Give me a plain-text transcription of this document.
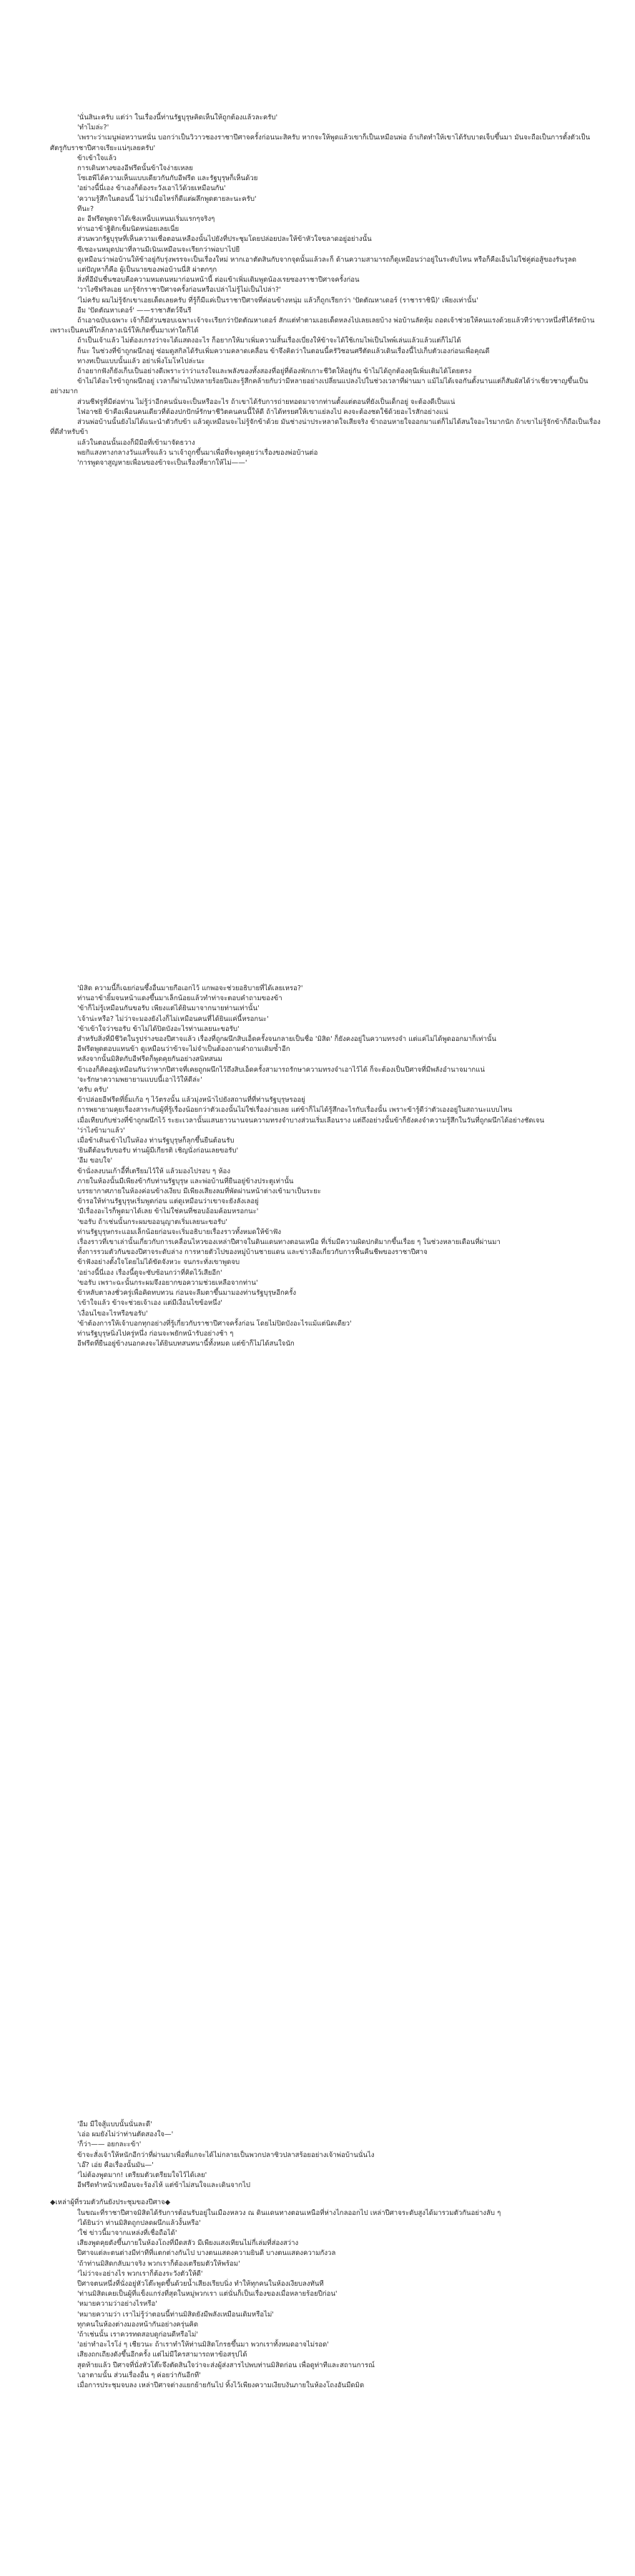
'นั่นสินะครับ แต่ว่า ในเรื่องนี้ท่านรัฐบุรุษคิดเห็นให้ถูกต้องแล้วละครับ'

'ทำไมล่ะ?'

'เพราะว่าเมนูพ่อหวานหนั่น บอกว่าเป็นวิวาวชองราชาปีศาจครั้งก่อนนะสิครับ หากจะให้พูดแล้วเขาก็เป็นเหมือนพ่อ ถ้าเกิดทำให้เขาได้รับบาดเจ็บขึ้นมา มันจะถือเป็นการตั้งตัวเป็นศัตรูกับราชาปีศาจเรียะแน่ๆเลยครับ'

ข้าเข้าใจแล้ว

การเดินทางของอีฟรีดนั้นข้าใจง่ายเหลย

โซเฮพีได้ความเห็นแบบเดียวกันกับอีฟรีด และรัฐบุรุษก็เห็นด้วย

'อย่างนี้นี่เอง ข้าเองก็ต้องระวังเอาไว้ด้วยเหมือนกัน'

'ความรู้สึกในตอนนี้ ไม่ว่าเมื่อไหร่ก็ดีแต่ผลึกพูดตายละนะครับ'

ทีนะ?

อะ อีฟรีดพูดจาได้เชิงเหน็บแหนมเริ่มแรกๆจริงๆ

ท่านอาข้าฐิติกเข็มนิดหน่อยเลยเนี่ย

ส่วนพวกรัฐบุรุษที่เห็นความเชื่อตอนเหลืองนั้นไปยังที่ประชุมโดยปล่อยปละให้ข้าหัวใจขลาดอยู่อย่างนั้น

ซีเซอะนหมุดปมาที่ลานมีเนินเหมือนจะเรียกว่าพ่อบาไปยี

ดูเหมือนว่าพ่อบ้านให้ข้าอยู่กับรุ่งพรรจะเป็นเรื่องใหม่ หากเอาตัดสินกับจากจุดนั้นแล้วละก็ ด้านความสามารถก็ดูเหมือนว่าอยู่ในระดับไหน หรือก็คือเอ็นไม่ใช่คู่ต่อสู้ของรันรูลด

แต่ปัญหาก็คือ ผู้เป็นนายของพ่อบ้านนี่สิ ผ่าตกๆก

สิ่งที่อีมันชื่นชอบคือความหมดนหมาก่อนหน้านี้ ต่อแข้าเพิ่มเดิมพูดน้องเรยซองราชาปีศาจครั้งก่อน

'วาไงซีฟริลเอย แกรู้จักราชาปีศาจครั้งก่อนหรือเปล่าไม่รู้ไม่เป็นไปล่า?'

'ไม่ครับ ผมไม่รู้จักเขาเอยเด็ดเลยครับ ที่รู้ก็มีแค่เป็นราชาปีศาจที่ค่อนข้างหนุ่ม แล้วก็ถูกเรียกว่า 'ปัดตัณหาเดอร์ (ราชาราชินี)' เพียงเท่านั้น'

อืม 'ปัดตัณหาเดอร์' ——ราชาสัตว์จีนรี

ถ้าเอาฉบับเฉพาะ เจ้าก็มีส่วนชอบเฉพาะเจ้าจะเรียกว่าปัดตัณหาเดอร์ สักแต่ทำตามเอยเด็ดหลงไปเลยเลยบ้าง พ่อบ้านลัดหุ้ม ถอดเจ้าช่วยให้คนแรงด้วยแล้วทีว่าขาวหนึ่งที่ได้รัตบ้าน เพราะเป็นคนที่ใกล้กลางเนิร์ให้เกิดขึ้นมาเท่าใดก็ได้

ถ้าเป็นเจ้าแล้ว ไม่ต้องเกรงว่าจะได้แสดงอะไร ก็อยากให้มาเพิ่มความสิ้นเรื่องเบี่ยงให้ข้าจะได้ใช้เกมไพ่เป็นไพพ์เล่นแล้วแล้วแต่ก็ไม่ได้

ก็นะ ในช่วงที่ข้าถูกผนึกอยู่ ซ่อมดูสกิลได้รับเพิ่มความคลาดเคลื่อน ข้าจึงคิดว่าในตอนนี้ครัวิชอนศรีตัดแล้วเดินเรื่องนี้ไปเก็บตัวเองก่อนเพื่อคุณดี

ทางทเป็นแบบนั้นแล้ว อย่าเพิ่งโมโหไปล่ะนะ

ถ้าอยากฟังก็ยังเก็บเป็นอย่างดีเพราะว่าว่าแรงใจและพลังของทั้งสองที่อยู่ที่ต้องพักเกาะชีวิตให้อยู่กัน ข้าไม่ได้ถูกต้องดุนีเพิ่มเติมได้โดยตรง

ข้าไม่ได้อะไรข้าถูกผนึกอยู่ เวลาก็ผ่านไปหลายร้อยปีและรู้สึกคล้ายกับว่ามีหลายอย่างเปลี่ยนแปลงไปในช่วงเวลาที่ผ่านมา แม้ไม่ได้เจอกันตั้งนานแต่ก็สัมผัสได้ว่าเชี่ยวชาญขึ้นเป็นอย่างมาก

ส่วนชีฟรูที่มีต่อท่าน ไม่รู้ว่าอีกคนนั่นจะเป็นหรืออะไร ถ้าเขาได้รับการถ่ายทอดมาจากท่านตั้งแต่ตอนที่ยังเป็นเด็กอยู่ จะต้องดีเป็นแน่

ไฟอาชยิ ข้าคือเพื่อนคนเดียวที่ต้องปกปักษ์รักษาชีวิตคนคนนี้ให้ดี ถ้าได้ทรยศให้เขาแย่ลงไป คงจะต้องชดใช้ด้วยอะไรสักอย่างแน่

ส่วนพ่อบ้านนั้นยังไม่ได้แนะนำตัวกับข้า แล้วดูเหมือนจะไม่รู้จักข้าด้วย มันช่างน่าประหลาดใจเสียจริง ข้าถอนหายใจออกมาแต่ก็ไม่ได้สนใจอะไรมากนัก ถ้าเขาไม่รู้จักข้าก็ถือเป็นเรื่องที่ดีสำหรับข้า

แล้วในตอนนั้นเองก็มีมือที่เข้ามาจัดธวาง

พยกิแสงทางกลางวันแสร็จแล้ว นาเจ้าถูกขึ้นมาเพื่อที่จะพูดคุยว่าเรื่องของพ่อบ้านต่อ

'การพูดจาสูญหายเพื่อนของข้าจะเป็นเรื่องที่ยากให้ไม่——'

'มิสิด ความนี้ก็เฉยก่อนซึ้งอื่นมายกือเอกไว้ แกพอจะช่วยอธิบายที่ได้เลยเหรอ?'

ท่านอาข้ายิ้มจนหน้าแดงขึ้นมาเล็กน้อยแล้วทำท่าจะตอบคำถามของข้า

'ข้าก็ไม่รู้เหมือนกันขอรับ เพียงแต่ได้ยินมาจากนายท่านเท่านั้น'

'เจ้าน่ะหรือ? ไม่ว่าจะมองยังไงก็ไม่เหมือนคนที่ได้ยินแค่นี้หรอกนะ'

'ข้าเข้าใจว่าขอรับ ข้าไม่ได้ปิดบังอะไรท่านเลยนะขอรับ'

สำหรับสิ่งที่มีชีวิตในรูปร่างของปีศาจแล้ว เรื่องที่ถูกผนึกสิบเอ็ดครั้งจนกลายเป็นชื่อ 'มิสิด' ก็ยังคงอยู่ในความทรงจำ แต่แค่ไม่ได้พูดออกมาก็เท่านั้น

อีฟรีดพูดตอบแทนข้า ดูเหมือนว่าข้าจะไม่จำเป็นต้องถามคำถามเดิมซ้ำอีก

หลังจากนั้นมิสิดกับอีฟรีดก็พูดคุยกันอย่างสนิทสนม

ข้าเองก็คิดอยู่เหมือนกันว่าหากปีศาจที่เคยถูกผนึกไว้ถึงสิบเอ็ดครั้งสามารถรักษาความทรงจำเอาไว้ได้ ก็จะต้องเป็นปีศาจที่มีพลังอำนาจมากแน่

'จะรักษาความพยายามแบบนี้เอาไว้ให้ดีล่ะ'

'ครับ ครับ'

ข้าปล่อยอีฟรีดที่ยิ้มเก้อ ๆ ไว้ตรงนั้น แล้วมุ่งหน้าไปยังสถานที่ที่ท่านรัฐบุรุษรออยู่

การพยายามคุยเรื่องสาระกับผู้ที่รู้เรื่องน้อยกว่าตัวเองนั้นไม่ใช่เรื่องง่ายเลย แต่ข้าก็ไม่ได้รู้สึกอะไรกับเรื่องนั้น เพราะข้ารู้ดีว่าตัวเองอยู่ในสถานะแบบไหน

เมื่อเทียบกับช่วงที่ข้าถูกผนึกไว้ ระยะเวลานั้นแสนยาวนานจนความทรงจำบางส่วนเริ่มเลือนราง แต่ถึงอย่างนั้นข้าก็ยังคงจำความรู้สึกในวันที่ถูกผนึกได้อย่างชัดเจน

'ว่าไงข้ามาแล้ว'

เมื่อข้าเดินเข้าไปในห้อง ท่านรัฐบุรุษก็ลุกขึ้นยืนต้อนรับ

'ยินดีต้อนรับขอรับ ท่านผู้มีเกียรติ เชิญนั่งก่อนเลยขอรับ'

'อืม ขอบใจ'

ข้านั่งลงบนเก้าอี้ที่เตรียมไว้ให้ แล้วมองไปรอบ ๆ ห้อง

ภายในห้องนั้นมีเพียงข้ากับท่านรัฐบุรุษ และพ่อบ้านที่ยืนอยู่ข้างประตูเท่านั้น

บรรยากาศภายในห้องค่อนข้างเงียบ มีเพียงเสียงลมที่พัดผ่านหน้าต่างเข้ามาเป็นระยะ

ข้ารอให้ท่านรัฐบุรุษเริ่มพูดก่อน แต่ดูเหมือนว่าเขาจะยังลังเลอยู่

'มีเรื่องอะไรก็พูดมาได้เลย ข้าไม่ใช่คนที่ชอบอ้อมค้อมหรอกนะ'

'ขอรับ ถ้าเช่นนั้นกระผมขออนุญาตเริ่มเลยนะขอรับ'

ท่านรัฐบุรุษกระแอมเล็กน้อยก่อนจะเริ่มอธิบายเรื่องราวทั้งหมดให้ข้าฟัง

เรื่องราวที่เขาเล่านั้นเกี่ยวกับการเคลื่อนไหวของเหล่าปีศาจในดินแดนทางตอนเหนือ ที่เริ่มมีความผิดปกติมากขึ้นเรื่อย ๆ ในช่วงหลายเดือนที่ผ่านมา

ทั้งการรวมตัวกันของปีศาจระดับล่าง การหายตัวไปของหมู่บ้านชายแดน และข่าวลือเกี่ยวกับการฟื้นคืนชีพของราชาปีศาจ

ข้าฟังอย่างตั้งใจโดยไม่ได้ขัดจังหวะ จนกระทั่งเขาพูดจบ

'อย่างนี้นี่เอง เรื่องนี้ดูจะซับซ้อนกว่าที่คิดไว้เสียอีก'

'ขอรับ เพราะฉะนั้นกระผมจึงอยากขอความช่วยเหลือจากท่าน'

ข้าหลับตาลงชั่วครู่เพื่อคิดทบทวน ก่อนจะลืมตาขึ้นมามองท่านรัฐบุรุษอีกครั้ง

'เข้าใจแล้ว ข้าจะช่วยเจ้าเอง แต่มีเงื่อนไขข้อหนึ่ง'

'เงื่อนไขอะไรหรือขอรับ'

'ข้าต้องการให้เจ้าบอกทุกอย่างที่รู้เกี่ยวกับราชาปีศาจครั้งก่อน โดยไม่ปิดบังอะไรแม้แต่นิดเดียว'

ท่านรัฐบุรุษนิ่งไปครู่หนึ่ง ก่อนจะพยักหน้ารับอย่างช้า ๆ

อีฟรีดที่ยืนอยู่ข้างนอกคงจะได้ยินบทสนทนานี้ทั้งหมด แต่ข้าก็ไม่ได้สนใจนัก

'อืม มีใจสู้แบบนั้นนั่นละดี'

'เอ่อ ผมยังไม่ว่าท่านตัดสองใจ—'

'ก็ว่า—— อยกละะข้า'

ข้าจะสั่งเจ้าให้หนักอีกว่าที่ผ่านมาเพื่อที่แกจะได้ไม่กลายเป็นพวกปลาซิวปลาสร้อยอย่างเจ้าพ่อบ้านนั่นไง

'เอ๊? เอ่ย คือเรื่องนั้นมัน—'

'ไม่ต้องพูดมาก! เตรียมตัวเตรียมใจไว้ได้เลย'

อีฟรีดทำหน้าเหมือนจะร้องไห้ แต่ข้าไม่สนใจและเดินจากไป

◆เหล่าผู้ที่รวมตัวกันยังประชุมของปีศาจ◆

ในขณะที่ราชาปีศาจมิสิดได้รับการต้อนรับอยู่ในเมืองหลวง ณ ดินแดนทางตอนเหนือที่ห่างไกลออกไป เหล่าปีศาจระดับสูงได้มารวมตัวกันอย่างลับ ๆ

'ได้ยินว่า ท่านมิสิดถูกปลดผนึกแล้วงั้นหรือ'

'ใช่ ข่าวนี้มาจากแหล่งที่เชื่อถือได้'

เสียงพูดคุยดังขึ้นภายในห้องโถงที่มืดสลัว มีเพียงแสงเทียนไม่กี่เล่มที่ส่องสว่าง

ปีศาจแต่ละตนต่างมีท่าทีที่แตกต่างกันไป บางตนแสดงความยินดี บางตนแสดงความกังวล

'ถ้าท่านมิสิดกลับมาจริง พวกเราก็ต้องเตรียมตัวให้พร้อม'

'ไม่ว่าจะอย่างไร พวกเราก็ต้องระวังตัวให้ดี'

ปีศาจตนหนึ่งที่นั่งอยู่หัวโต๊ะพูดขึ้นด้วยน้ำเสียงเรียบนิ่ง ทำให้ทุกคนในห้องเงียบลงทันที

'ท่านมิสิดเคยเป็นผู้ที่แข็งแกร่งที่สุดในหมู่พวกเรา แต่นั่นก็เป็นเรื่องของเมื่อหลายร้อยปีก่อน'

'หมายความว่าอย่างไรหรือ'

'หมายความว่า เราไม่รู้ว่าตอนนี้ท่านมิสิดยังมีพลังเหมือนเดิมหรือไม่'

ทุกคนในห้องต่างมองหน้ากันอย่างครุ่นคิด

'ถ้าเช่นนั้น เราควรทดสอบดูก่อนดีหรือไม่'

'อย่าทำอะไรโง่ ๆ เชียวนะ ถ้าเราทำให้ท่านมิสิดโกรธขึ้นมา พวกเราทั้งหมดอาจไม่รอด'

เสียงถกเถียงดังขึ้นอีกครั้ง แต่ไม่มีใครสามารถหาข้อสรุปได้

สุดท้ายแล้ว ปีศาจที่นั่งหัวโต๊ะจึงตัดสินใจว่าจะส่งผู้ส่งสารไปพบท่านมิสิดก่อน เพื่อดูท่าทีและสถานการณ์

'เอาตามนั้น ส่วนเรื่องอื่น ๆ ค่อยว่ากันอีกที'

เมื่อการประชุมจบลง เหล่าปีศาจต่างแยกย้ายกันไป ทิ้งไว้เพียงความเงียบงันภายในห้องโถงอันมืดมิด
